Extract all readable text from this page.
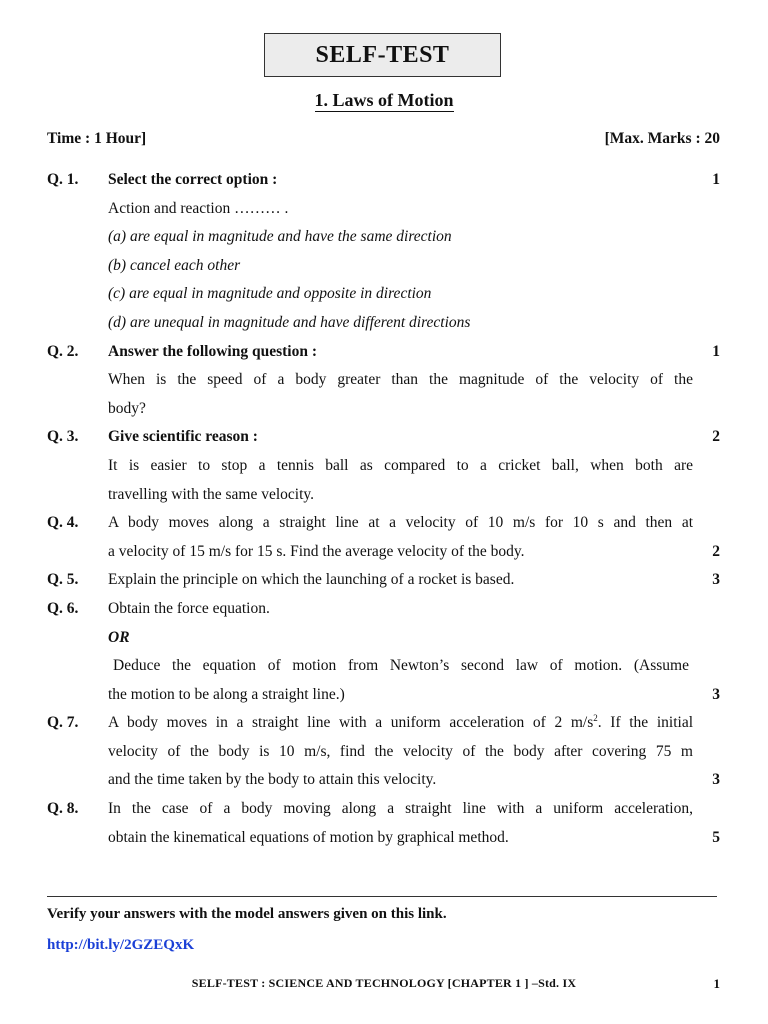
SELF-TEST
1. Laws of Motion
Time : 1 Hour]	[Max. Marks : 20
Q. 1. Select the correct option :	1
Action and reaction ……… .
(a) are equal in magnitude and have the same direction
(b) cancel each other
(c) are equal in magnitude and opposite in direction
(d) are unequal in magnitude and have different directions
Q. 2. Answer the following question :	1
When is the speed of a body greater than the magnitude of the velocity of the
body?
Q. 3. Give scientific reason :	2
It is easier to stop a tennis ball as compared to a cricket ball, when both are
travelling with the same velocity.
Q. 4. A body moves along a straight line at a velocity of 10 m/s for 10 s and then at
a velocity of 15 m/s for 15 s. Find the average velocity of the body.	2
Q. 5. Explain the principle on which the launching of a rocket is based.	3
Q. 6. Obtain the force equation.
OR
Deduce the equation of motion from Newton’s second law of motion. (Assume
the motion to be along a straight line.)	3
Q. 7. A body moves in a straight line with a uniform acceleration of 2 $m/s^2$. If the initial
velocity of the body is 10 m/s, find the velocity of the body after covering 75 m
and the time taken by the body to attain this velocity.	3
Q. 8. In the case of a body moving along a straight line with a uniform acceleration,
obtain the kinematical equations of motion by graphical method.	5
Verify your answers with the model answers given on this link.
http://bit.ly/2GZEQxK
SELF-TEST : SCIENCE AND TECHNOLOGY [CHAPTER 1 ] –Std. IX	1
